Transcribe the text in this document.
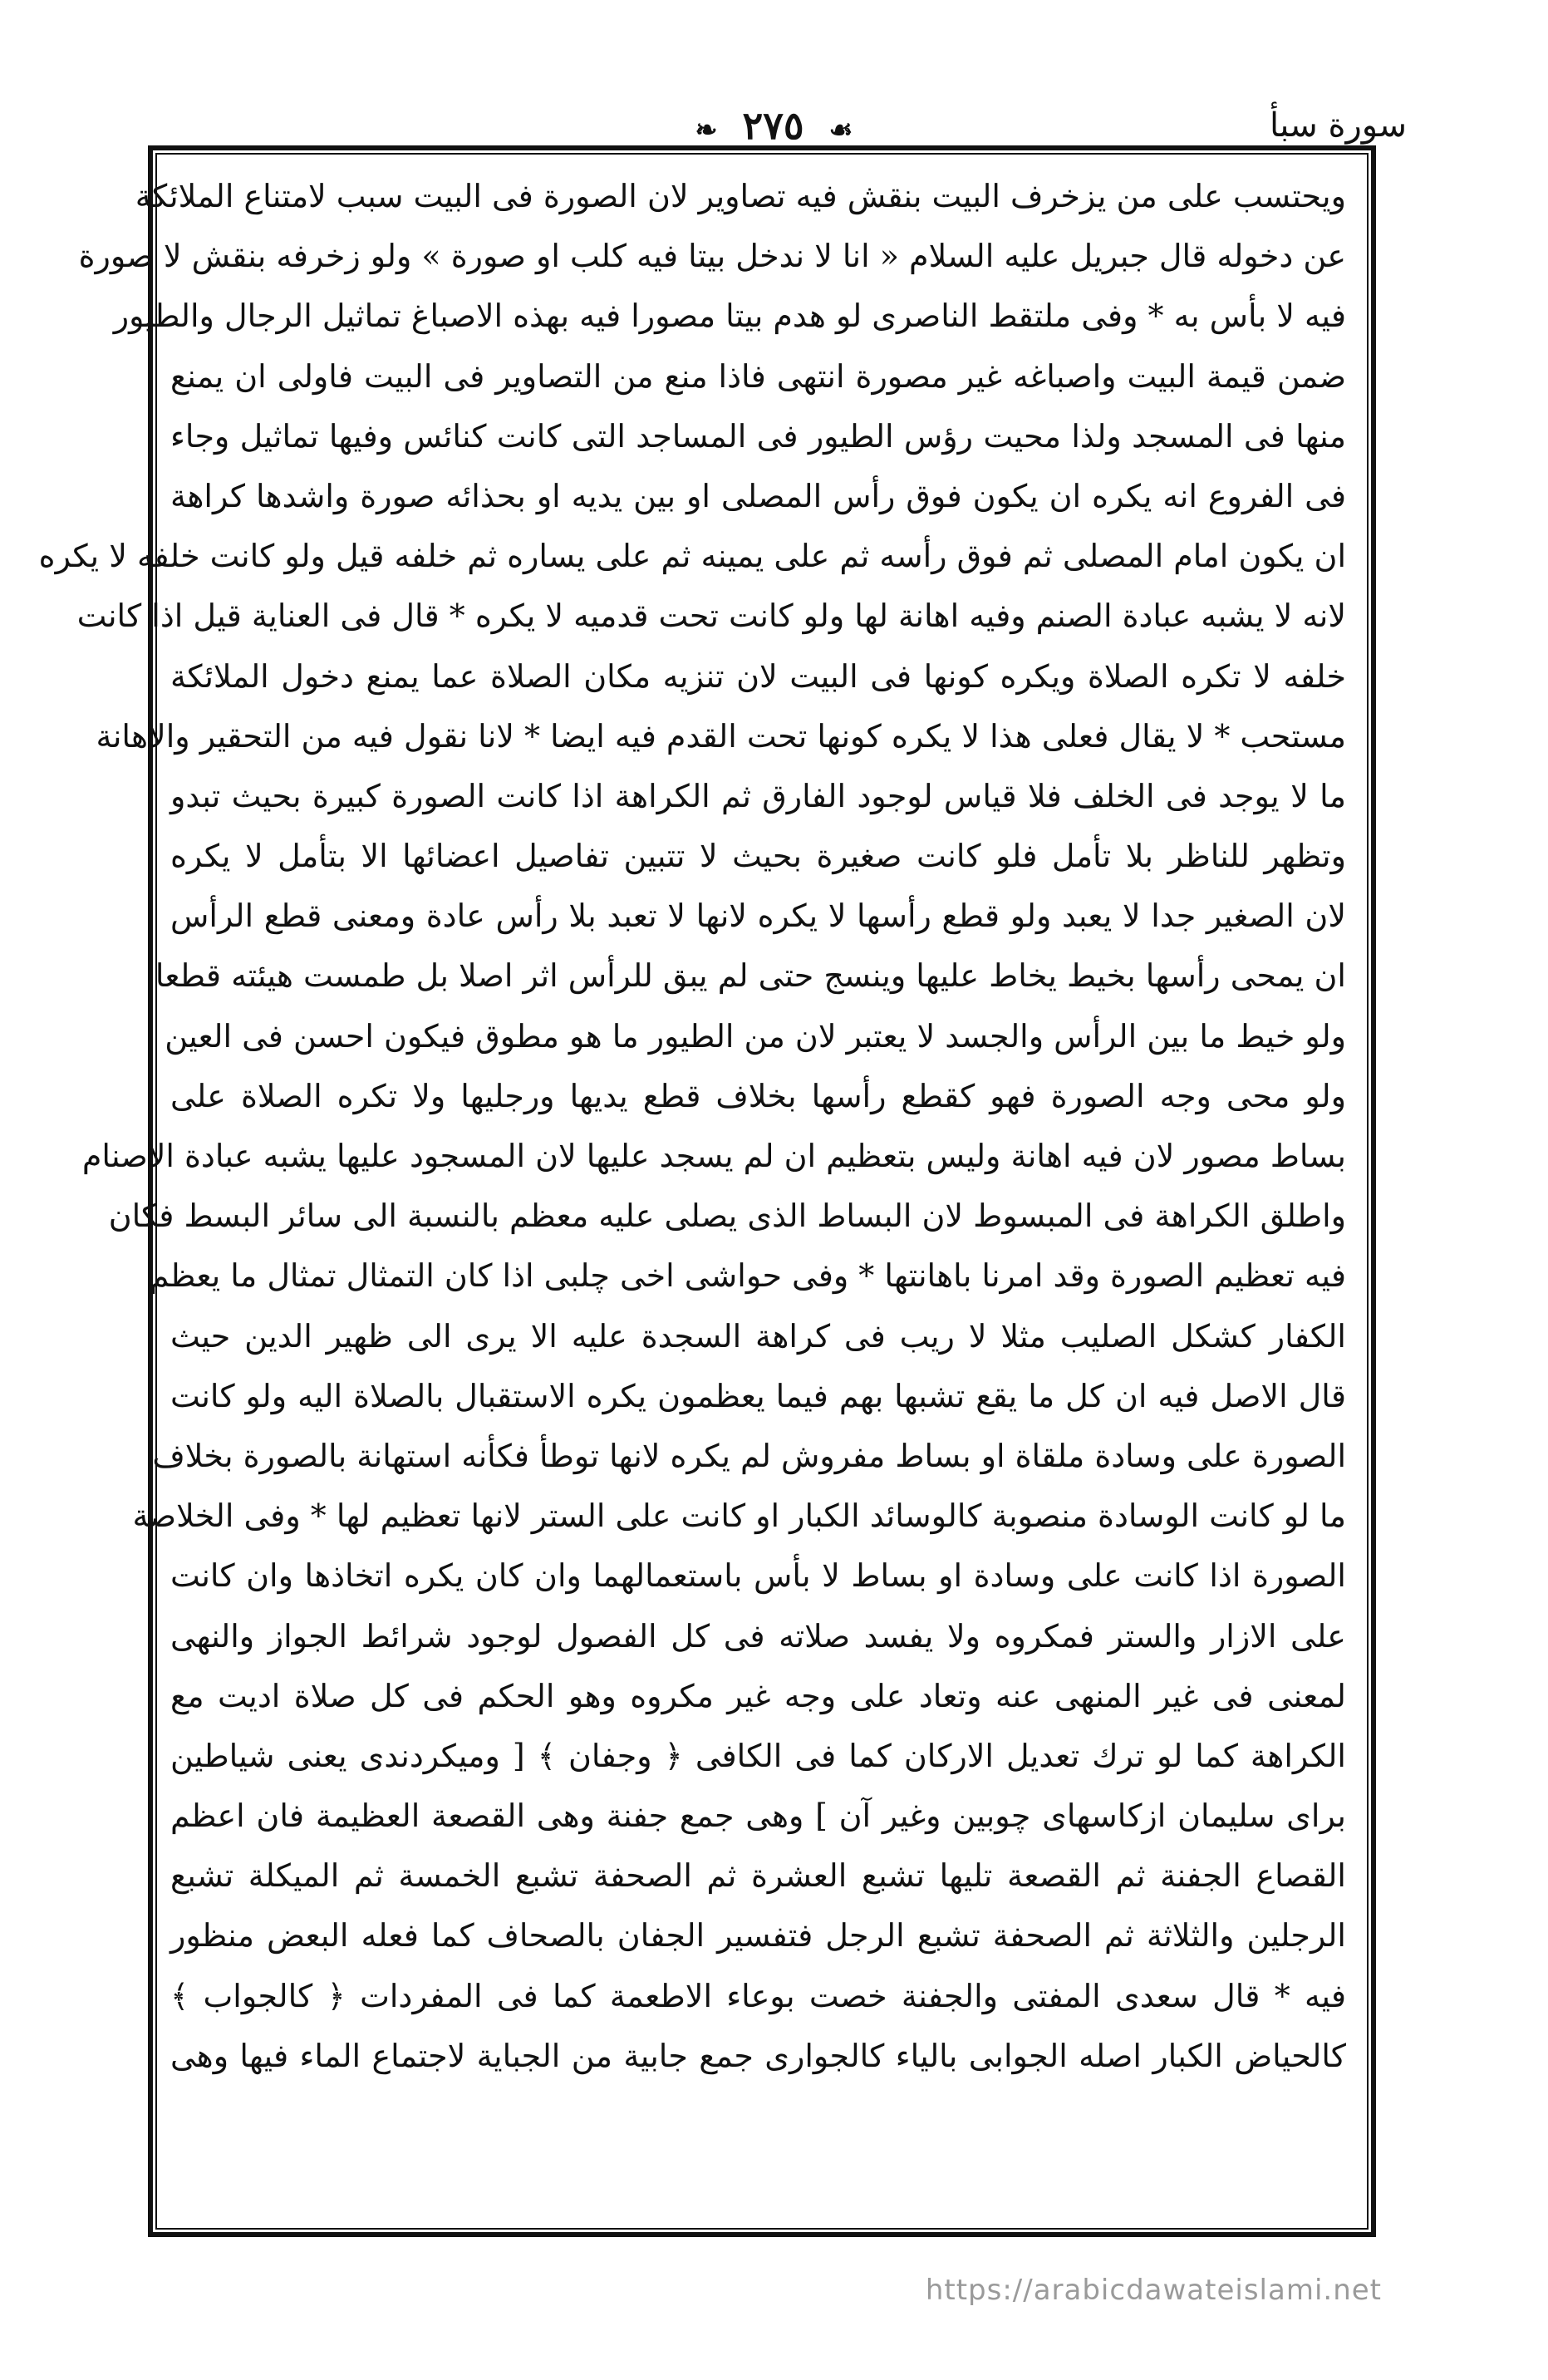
سورة سبأ
❧ ٢٧٥ ☙
ويحتسب على من يزخرف البيت بنقش فيه تصاوير لان الصورة فى البيت سبب لامتناع الملائكة
عن دخوله قال جبريل عليه السلام « انا لا ندخل بيتا فيه كلب او صورة » ولو زخرفه بنقش لا صورة
فيه لا بأس به * وفى ملتقط الناصرى لو هدم بيتا مصورا فيه بهذه الاصباغ تماثيل الرجال والطيور
ضمن قيمة البيت واصباغه غير مصورة انتهى فاذا منع من التصاوير فى البيت فاولى ان يمنع
منها فى المسجد ولذا محيت رؤس الطيور فى المساجد التى كانت كنائس وفيها تماثيل وجاء
فى الفروع انه يكره ان يكون فوق رأس المصلى او بين يديه او بحذائه صورة واشدها كراهة
ان يكون امام المصلى ثم فوق رأسه ثم على يمينه ثم على يساره ثم خلفه قيل ولو كانت خلفه لا يكره
لانه لا يشبه عبادة الصنم وفيه اهانة لها ولو كانت تحت قدميه لا يكره * قال فى العناية قيل اذا كانت
خلفه لا تكره الصلاة ويكره كونها فى البيت لان تنزيه مكان الصلاة عما يمنع دخول الملائكة
مستحب * لا يقال فعلى هذا لا يكره كونها تحت القدم فيه ايضا * لانا نقول فيه من التحقير والاهانة
ما لا يوجد فى الخلف فلا قياس لوجود الفارق ثم الكراهة اذا كانت الصورة كبيرة بحيث تبدو
وتظهر للناظر بلا تأمل فلو كانت صغيرة بحيث لا تتبين تفاصيل اعضائها الا بتأمل لا يكره
لان الصغير جدا لا يعبد ولو قطع رأسها لا يكره لانها لا تعبد بلا رأس عادة ومعنى قطع الرأس
ان يمحى رأسها بخيط يخاط عليها وينسج حتى لم يبق للرأس اثر اصلا بل طمست هيئته قطعا
ولو خيط ما بين الرأس والجسد لا يعتبر لان من الطيور ما هو مطوق فيكون احسن فى العين
ولو محى وجه الصورة فهو كقطع رأسها بخلاف قطع يديها ورجليها ولا تكره الصلاة على
بساط مصور لان فيه اهانة وليس بتعظيم ان لم يسجد عليها لان المسجود عليها يشبه عبادة الاصنام
واطلق الكراهة فى المبسوط لان البساط الذى يصلى عليه معظم بالنسبة الى سائر البسط فكان
فيه تعظيم الصورة وقد امرنا باهانتها * وفى حواشى اخى چلبى اذا كان التمثال تمثال ما يعظم
الكفار كشكل الصليب مثلا لا ريب فى كراهة السجدة عليه الا يرى الى ظهير الدين حيث
قال الاصل فيه ان كل ما يقع تشبها بهم فيما يعظمون يكره الاستقبال بالصلاة اليه ولو كانت
الصورة على وسادة ملقاة او بساط مفروش لم يكره لانها توطأ فكأنه استهانة بالصورة بخلاف
ما لو كانت الوسادة منصوبة كالوسائد الكبار او كانت على الستر لانها تعظيم لها * وفى الخلاصة
الصورة اذا كانت على وسادة او بساط لا بأس باستعمالهما وان كان يكره اتخاذها وان كانت
على الازار والستر فمكروه ولا يفسد صلاته فى كل الفصول لوجود شرائط الجواز والنهى
لمعنى فى غير المنهى عنه وتعاد على وجه غير مكروه وهو الحكم فى كل صلاة اديت مع
الكراهة كما لو ترك تعديل الاركان كما فى الكافى ﴿ وجفان ﴾ [ وميكردندى يعنى شياطين
براى سليمان ازكاسهاى چوبين وغير آن ] وهى جمع جفنة وهى القصعة العظيمة فان اعظم
القصاع الجفنة ثم القصعة تليها تشبع العشرة ثم الصحفة تشبع الخمسة ثم الميكلة تشبع
الرجلين والثلاثة ثم الصحفة تشبع الرجل فتفسير الجفان بالصحاف كما فعله البعض منظور
فيه * قال سعدى المفتى والجفنة خصت بوعاء الاطعمة كما فى المفردات ﴿ كالجواب ﴾
كالحياض الكبار اصله الجوابى بالياء كالجوارى جمع جابية من الجباية لاجتماع الماء فيها وهى
https://arabicdawateislami.net
